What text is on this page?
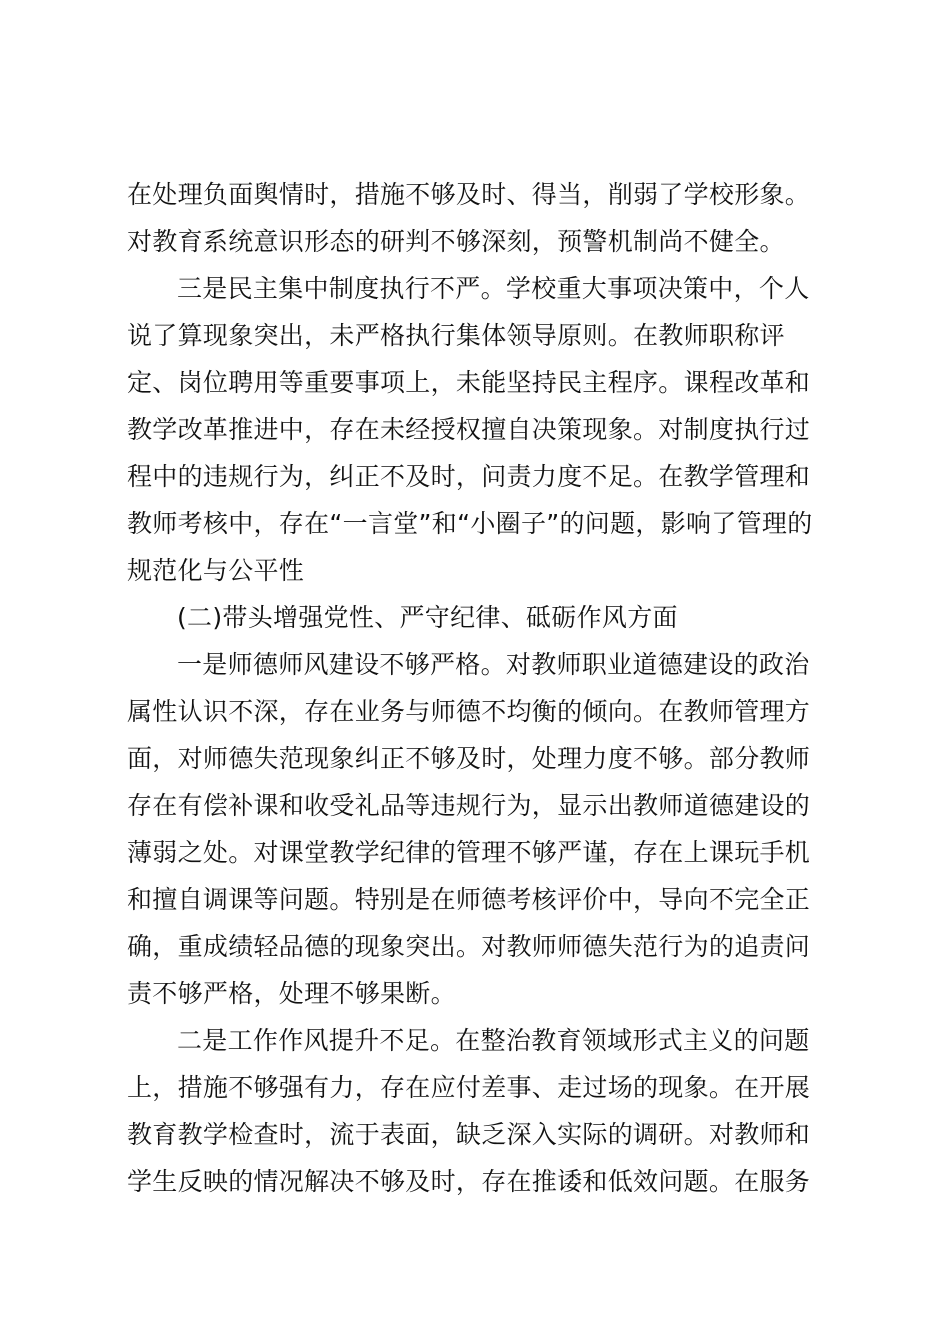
在处理负面舆情时，措施不够及时、得当，削弱了学校形象。
对教育系统意识形态的研判不够深刻，预警机制尚不健全。
三是民主集中制度执行不严。学校重大事项决策中，个人
说了算现象突出，未严格执行集体领导原则。在教师职称评
定、岗位聘用等重要事项上，未能坚持民主程序。课程改革和
教学改革推进中，存在未经授权擅自决策现象。对制度执行过
程中的违规行为，纠正不及时，问责力度不足。在教学管理和
教师考核中，存在“一言堂”和“小圈子”的问题，影响了管理的
规范化与公平性
(二)带头增强党性、严守纪律、砥砺作风方面
一是师德师风建设不够严格。对教师职业道德建设的政治
属性认识不深，存在业务与师德不均衡的倾向。在教师管理方
面，对师德失范现象纠正不够及时，处理力度不够。部分教师
存在有偿补课和收受礼品等违规行为，显示出教师道德建设的
薄弱之处。对课堂教学纪律的管理不够严谨，存在上课玩手机
和擅自调课等问题。特别是在师德考核评价中，导向不完全正
确，重成绩轻品德的现象突出。对教师师德失范行为的追责问
责不够严格，处理不够果断。
二是工作作风提升不足。在整治教育领域形式主义的问题
上，措施不够强有力，存在应付差事、走过场的现象。在开展
教育教学检查时，流于表面，缺乏深入实际的调研。对教师和
学生反映的情况解决不够及时，存在推诿和低效问题。在服务
